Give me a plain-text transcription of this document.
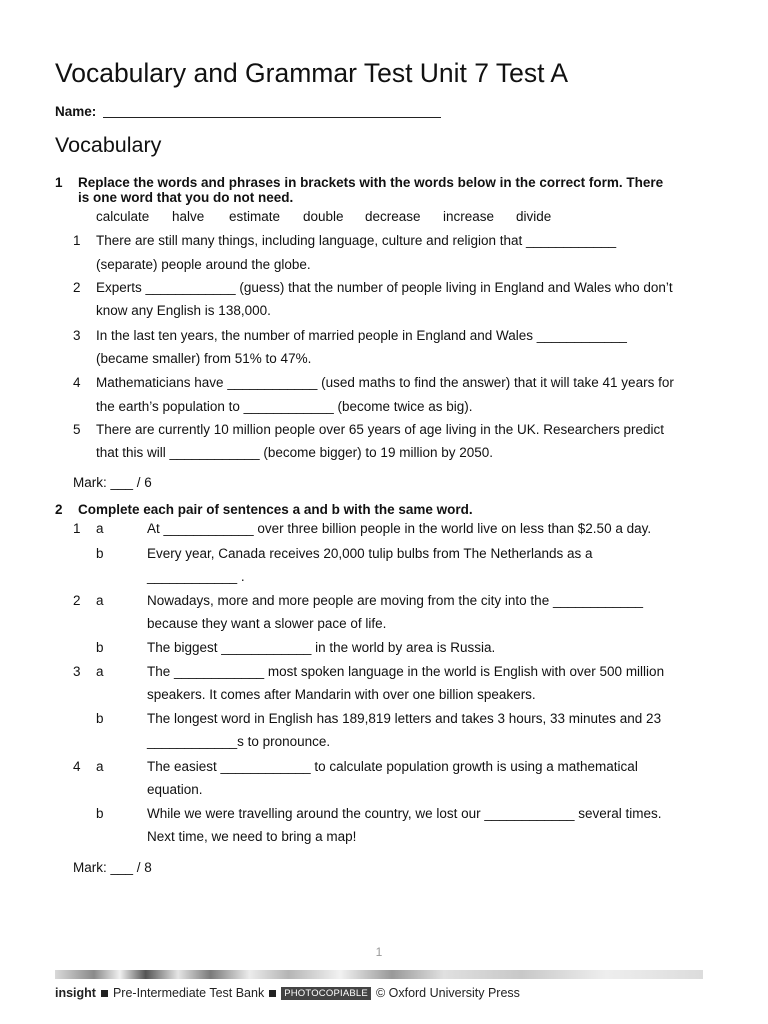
Vocabulary and Grammar Test Unit 7 Test A
Name:
Vocabulary
1 Replace the words and phrases in brackets with the words below in the correct form. There
is one word that you do not need.
calculate halve estimate double decrease increase divide
1 There are still many things, including language, culture and religion that ____________
(separate) people around the globe.
2 Experts ____________ (guess) that the number of people living in England and Wales who don’t
know any English is 138,000.
3 In the last ten years, the number of married people in England and Wales ____________
(became smaller) from 51% to 47%.
4 Mathematicians have ____________ (used maths to find the answer) that it will take 41 years for
the earth’s population to ____________ (become twice as big).
5 There are currently 10 million people over 65 years of age living in the UK. Researchers predict
that this will ____________ (become bigger) to 19 million by 2050.
Mark: ___ / 6
2 Complete each pair of sentences a and b with the same word.
1 a	At ____________ over three billion people in the world live on less than $2.50 a day.
b	Every year, Canada receives 20,000 tulip bulbs from The Netherlands as a
____________ .
2 a	Nowadays, more and more people are moving from the city into the ____________
because they want a slower pace of life.
b	The biggest ____________ in the world by area is Russia.
3 a	The ____________ most spoken language in the world is English with over 500 million
speakers. It comes after Mandarin with over one billion speakers.
b	The longest word in English has 189,819 letters and takes 3 hours, 33 minutes and 23
____________s to pronounce.
4 a	The easiest ____________ to calculate population growth is using a mathematical
equation.
b	While we were travelling around the country, we lost our ____________ several times.
Next time, we need to bring a map!
Mark: ___ / 8
1
insight Pre-Intermediate Test Bank	PHOTOCOPIABLE © Oxford University Press
